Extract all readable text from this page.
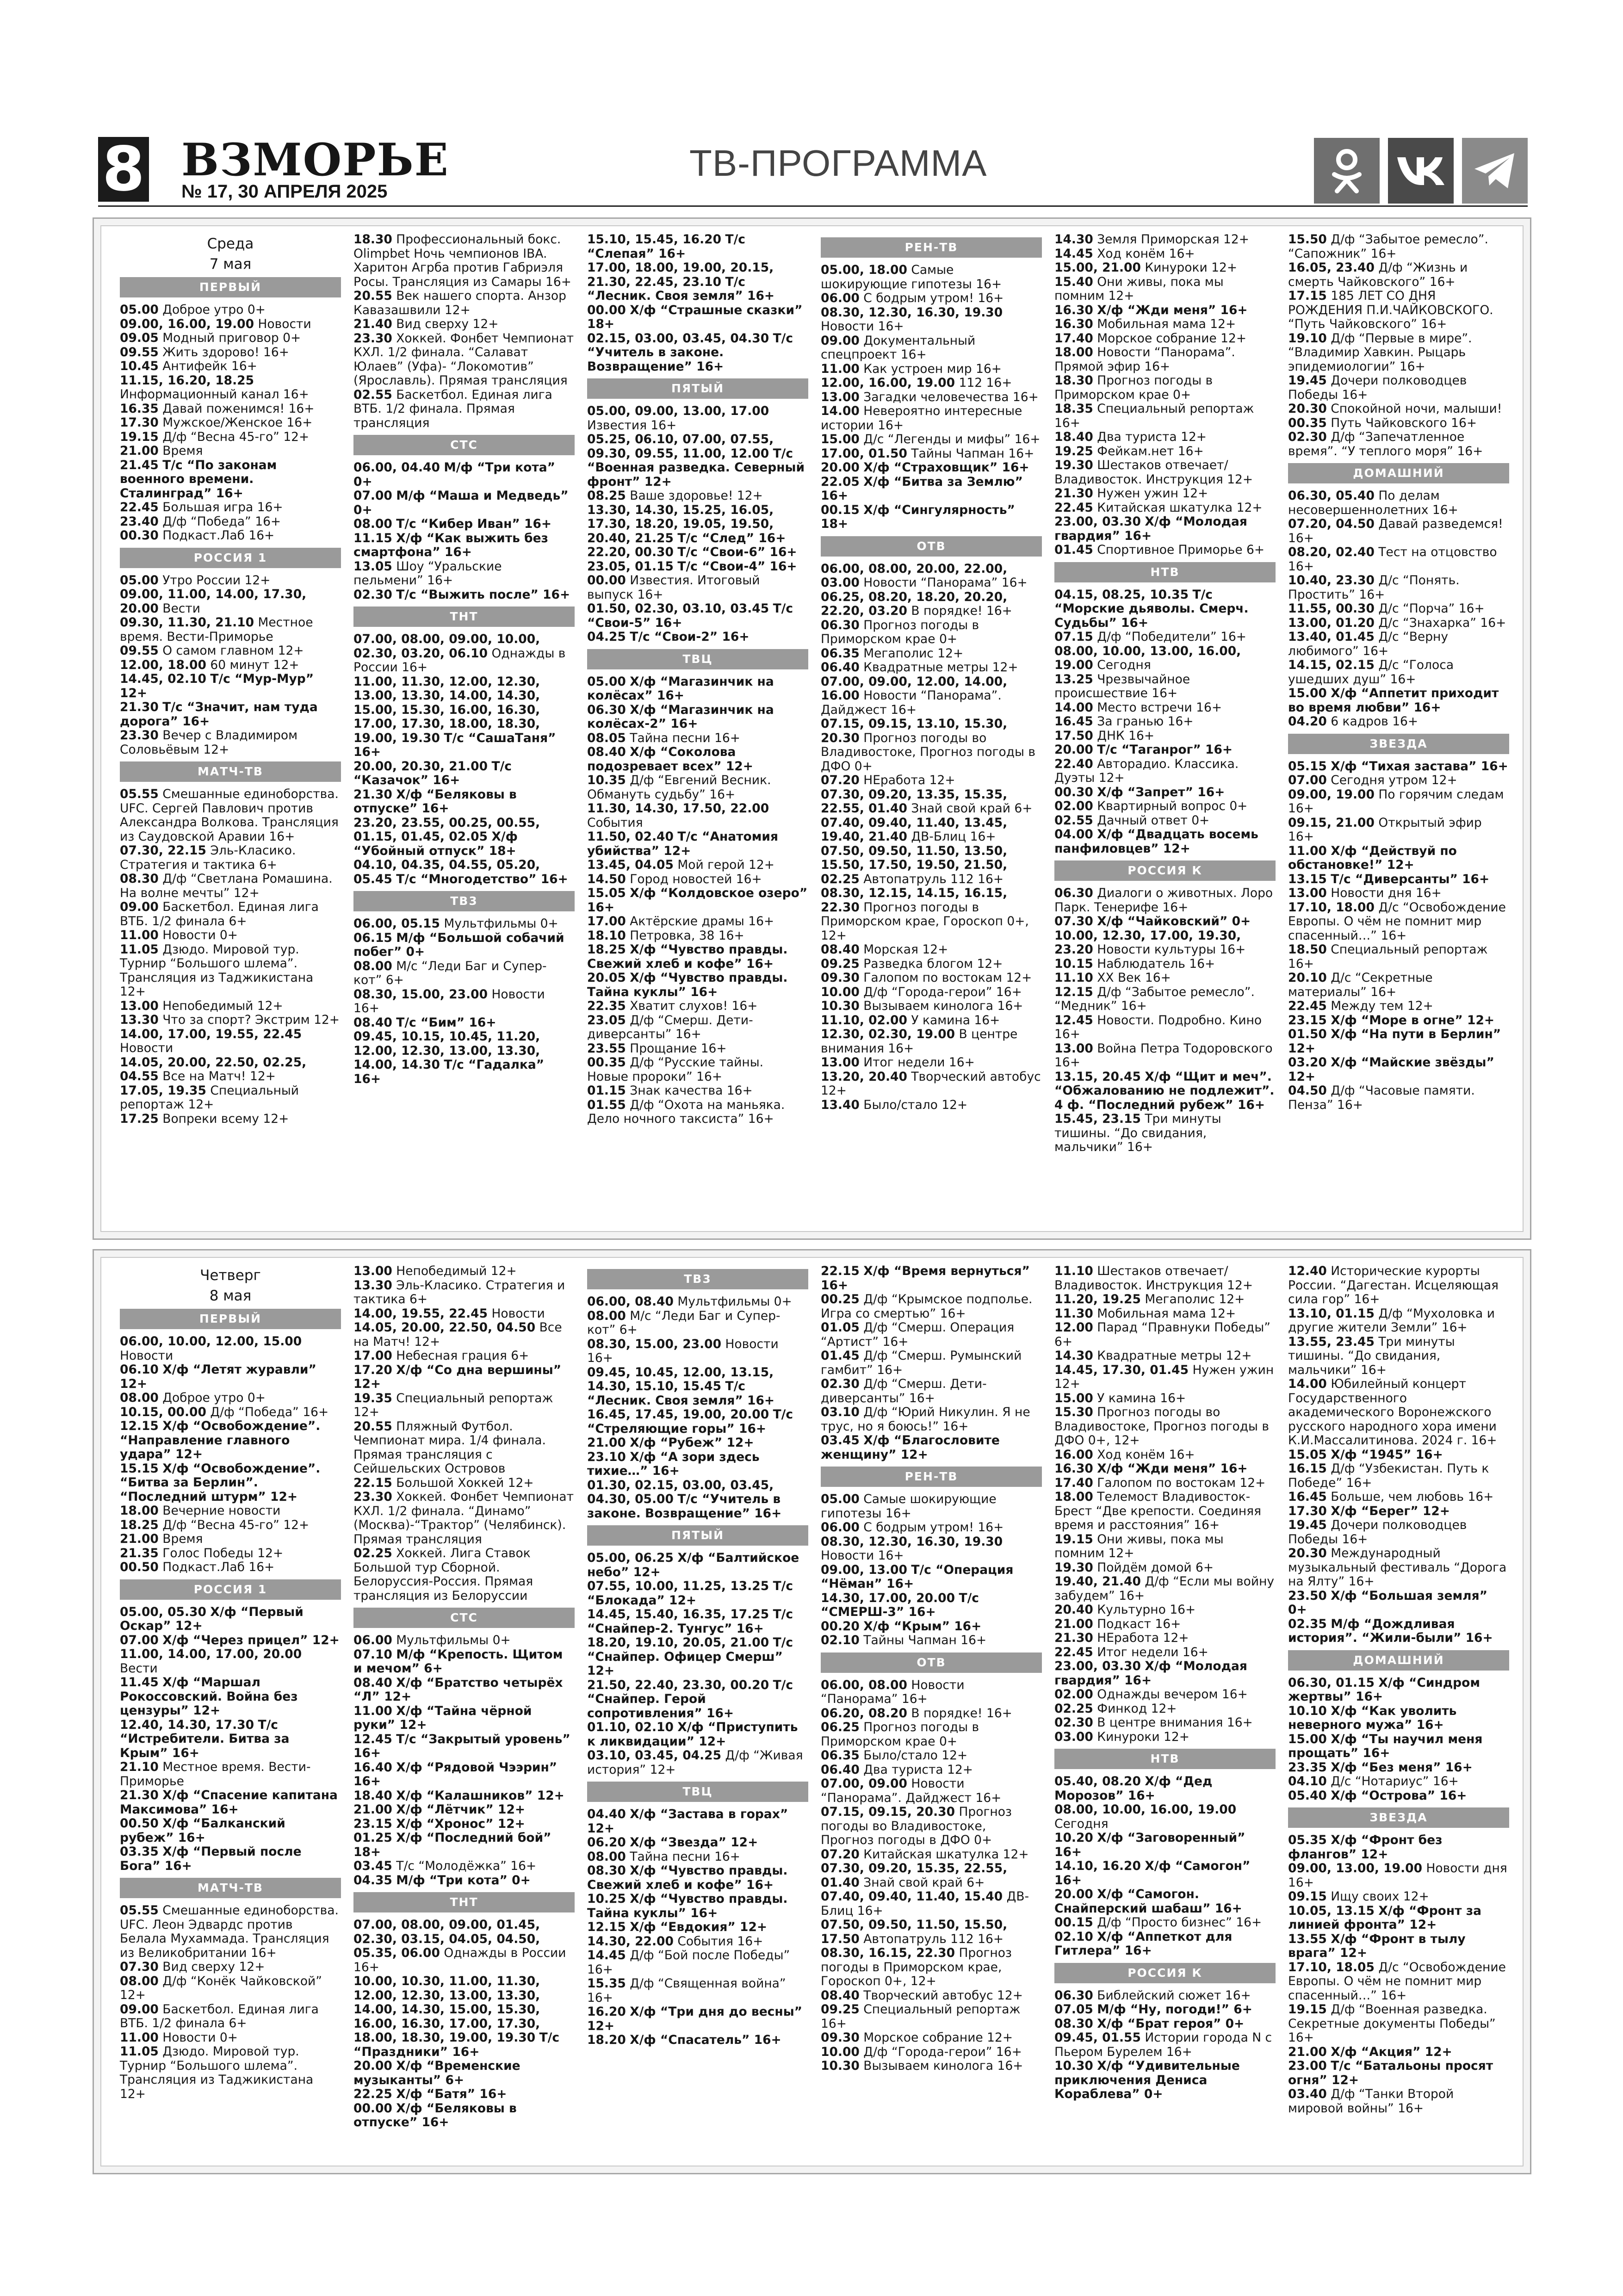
8 ВЗМОРЬЕ
№ 17, 30 АПРЕЛЯ 2025
ТВ-ПРОГРАММА
Среда
7 мая
ПЕРВЫЙ

05.00 Доброе утро 0+

09.00, 16.00, 19.00 Новости

09.05 Модный приговор 0+

09.55 Жить здорово! 16+

10.45 Антифейк 16+

11.15, 16.20, 18.25 Информационный канал 16+

16.35 Давай поженимся! 16+

17.30 Мужское/Женское 16+

19.15 Д/ф “Весна 45-го” 12+

21.00 Время

21.45 Т/с “По законам военного времени. Сталинград” 16+

22.45 Большая игра 16+

23.40 Д/ф “Победа” 16+

00.30 Подкаст.Лаб 16+

РОССИЯ 1

05.00 Утро России 12+

09.00, 11.00, 14.00, 17.30, 20.00 Вести

09.30, 11.30, 21.10 Местное время. Вести-Приморье

09.55 О самом главном 12+

12.00, 18.00 60 минут 12+

14.45, 02.10 Т/с “Мур-Мур” 12+

21.30 Т/с “Значит, нам туда дорога” 16+

23.30 Вечер с Владимиром Соловьёвым 12+

МАТЧ-ТВ

05.55 Смешанные единоборства. UFC. Сергей Павлович против Александра Волкова. Трансляция из Саудовской Аравии 16+

07.30, 22.15 Эль-Класико. Стратегия и тактика 6+

08.30 Д/ф “Светлана Ромашина. На волне мечты” 12+

09.00 Баскетбол. Единая лига ВТБ. 1/2 финала 6+

11.00 Новости 0+

11.05 Дзюдо. Мировой тур. Турнир “Большого шлема”. Трансляция из Таджикистана 12+

13.00 Непобедимый 12+

13.30 Что за спорт? Экстрим 12+

14.00, 17.00, 19.55, 22.45 Новости

14.05, 20.00, 22.50, 02.25, 04.55 Все на Матч! 12+

17.05, 19.35 Специальный репортаж 12+

17.25 Вопреки всему 12+

18.30 Профессиональный бокс. Olimpbet Ночь чемпионов IBA. Харитон Агрба против Габриэля Росы. Трансляция из Самары 16+

20.55 Век нашего спорта. Анзор Кавазашвили 12+

21.40 Вид сверху 12+

23.30 Хоккей. Фонбет Чемпионат КХЛ. 1/2 финала. “Салават Юлаев” (Уфа)- “Локомотив” (Ярославль). Прямая трансляция

02.55 Баскетбол. Единая лига ВТБ. 1/2 финала. Прямая трансляция

СТС

06.00, 04.40 М/ф “Три кота” 0+

07.00 М/ф “Маша и Медведь” 0+

08.00 Т/с “Кибер Иван” 16+

11.15 Х/ф “Как выжить без смартфона” 16+

13.05 Шоу “Уральские пельмени” 16+

02.30 Т/с “Выжить после” 16+

ТНТ

07.00, 08.00, 09.00, 10.00, 02.30, 03.20, 06.10 Однажды в России 16+

11.00, 11.30, 12.00, 12.30, 13.00, 13.30, 14.00, 14.30, 15.00, 15.30, 16.00, 16.30, 17.00, 17.30, 18.00, 18.30, 19.00, 19.30 Т/с “СашаТаня” 16+

20.00, 20.30, 21.00 Т/с “Казачок” 16+

21.30 Х/ф “Беляковы в отпуске” 16+

23.20, 23.55, 00.25, 00.55, 01.15, 01.45, 02.05 Х/ф “Убойный отпуск” 18+

04.10, 04.35, 04.55, 05.20, 05.45 Т/с “Многодетство” 16+

ТВ3

06.00, 05.15 Мультфильмы 0+

06.15 М/ф “Большой собачий побег” 0+

08.00 М/с “Леди Баг и Супер-кот” 6+

08.30, 15.00, 23.00 Новости 16+

08.40 Т/с “Бим” 16+

09.45, 10.15, 10.45, 11.20, 12.00, 12.30, 13.00, 13.30, 14.00, 14.30 Т/с “Гадалка” 16+

15.10, 15.45, 16.20 Т/с “Слепая” 16+

17.00, 18.00, 19.00, 20.15, 21.30, 22.45, 23.10 Т/с “Лесник. Своя земля” 16+

00.00 Х/ф “Страшные сказки” 18+

02.15, 03.00, 03.45, 04.30 Т/с “Учитель в законе. Возвращение” 16+

ПЯТЫЙ

05.00, 09.00, 13.00, 17.00 Известия 16+

05.25, 06.10, 07.00, 07.55, 09.30, 09.55, 11.00, 12.00 Т/с “Военная разведка. Северный фронт” 12+

08.25 Ваше здоровье! 12+

13.30, 14.30, 15.25, 16.05, 17.30, 18.20, 19.05, 19.50, 20.40, 21.25 Т/с “След” 16+

22.20, 00.30 Т/с “Свои-6” 16+

23.05, 01.15 Т/с “Свои-4” 16+

00.00 Известия. Итоговый выпуск 16+

01.50, 02.30, 03.10, 03.45 Т/с “Свои-5” 16+

04.25 Т/с “Свои-2” 16+

ТВЦ

05.00 Х/ф “Магазинчик на колёсах” 16+

06.30 Х/ф “Магазинчик на колёсах-2” 16+

08.05 Тайна песни 16+

08.40 Х/ф “Соколова подозревает всех” 12+

10.35 Д/ф “Евгений Весник. Обмануть судьбу” 16+

11.30, 14.30, 17.50, 22.00 События

11.50, 02.40 Т/с “Анатомия убийства” 12+

13.45, 04.05 Мой герой 12+

14.50 Город новостей 16+

15.05 Х/ф “Колдовское озеро” 16+

17.00 Актёрские драмы 16+

18.10 Петровка, 38 16+

18.25 Х/ф “Чувство правды. Свежий хлеб и кофе” 16+

20.05 Х/ф “Чувство правды. Тайна куклы” 16+

22.35 Хватит слухов! 16+

23.05 Д/ф “Смерш. Дети-диверсанты” 16+

23.55 Прощание 16+

00.35 Д/ф “Русские тайны. Новые пророки” 16+

01.15 Знак качества 16+

01.55 Д/ф “Охота на маньяка. Дело ночного таксиста” 16+

РЕН-ТВ

05.00, 18.00 Самые шокирующие гипотезы 16+

06.00 С бодрым утром! 16+

08.30, 12.30, 16.30, 19.30 Новости 16+

09.00 Документальный спецпроект 16+

11.00 Как устроен мир 16+

12.00, 16.00, 19.00 112 16+

13.00 Загадки человечества 16+

14.00 Невероятно интересные истории 16+

15.00 Д/с “Легенды и мифы” 16+

17.00, 01.50 Тайны Чапман 16+

20.00 Х/ф “Страховщик” 16+

22.05 Х/ф “Битва за Землю” 16+

00.15 Х/ф “Сингулярность” 18+

ОТВ

06.00, 08.00, 20.00, 22.00, 03.00 Новости “Панорама” 16+

06.25, 08.20, 18.20, 20.20, 22.20, 03.20 В порядке! 16+

06.30 Прогноз погоды в Приморском крае 0+

06.35 Мегаполис 12+

06.40 Квадратные метры 12+

07.00, 09.00, 12.00, 14.00, 16.00 Новости “Панорама”. Дайджест 16+

07.15, 09.15, 13.10, 15.30, 20.30 Прогноз погоды во Владивостоке, Прогноз погоды в ДФО 0+

07.20 НЕработа 12+

07.30, 09.20, 13.35, 15.35, 22.55, 01.40 Знай свой край 6+

07.40, 09.40, 11.40, 13.45, 19.40, 21.40 ДВ-Блиц 16+

07.50, 09.50, 11.50, 13.50, 15.50, 17.50, 19.50, 21.50, 02.25 Автопатруль 112 16+

08.30, 12.15, 14.15, 16.15, 22.30 Прогноз погоды в Приморском крае, Гороскоп 0+, 12+

08.40 Морская 12+

09.25 Разведка блогом 12+

09.30 Галопом по востокам 12+

10.00 Д/ф “Города-герои” 16+

10.30 Вызываем кинолога 16+

11.10, 02.00 У камина 16+

12.30, 02.30, 19.00 В центре внимания 16+

13.00 Итог недели 16+

13.20, 20.40 Творческий автобус 12+

13.40 Было/стало 12+

14.30 Земля Приморская 12+

14.45 Ход конём 16+

15.00, 21.00 Кинуроки 12+

15.40 Они живы, пока мы помним 12+

16.30 Х/ф “Жди меня” 16+

16.30 Мобильная мама 12+

17.40 Морское собрание 12+

18.00 Новости “Панорама”. Прямой эфир 16+

18.30 Прогноз погоды в Приморском крае 0+

18.35 Специальный репортаж 16+

18.40 Два туриста 12+

19.25 Фейкам.нет 16+

19.30 Шестаков отвечает/ Владивосток. Инструкция 12+

21.30 Нужен ужин 12+

22.45 Китайская шкатулка 12+

23.00, 03.30 Х/ф “Молодая гвардия” 16+

01.45 Спортивное Приморье 6+

НТВ

04.15, 08.25, 10.35 Т/с “Морские дьяволы. Смерч. Судьбы” 16+

07.15 Д/ф “Победители” 16+

08.00, 10.00, 13.00, 16.00, 19.00 Сегодня

13.25 Чрезвычайное происшествие 16+

14.00 Место встречи 16+

16.45 За гранью 16+

17.50 ДНК 16+

20.00 Т/с “Таганрог” 16+

22.40 Авторадио. Классика. Дуэты 12+

00.30 Х/ф “Запрет” 16+

02.00 Квартирный вопрос 0+

02.55 Дачный ответ 0+

04.00 Х/ф “Двадцать восемь панфиловцев” 12+

РОССИЯ К

06.30 Диалоги о животных. Лоро Парк. Тенерифе 16+

07.30 Х/ф “Чайковский” 0+

10.00, 12.30, 17.00, 19.30, 23.20 Новости культуры 16+

10.15 Наблюдатель 16+

11.10 ХХ Век 16+

12.15 Д/ф “Забытое ремесло”. “Медник” 16+

12.45 Новости. Подробно. Кино 16+

13.00 Война Петра Тодоровского 16+

13.15, 20.45 Х/ф “Щит и меч”. “Обжалованию не подлежит”. 4 ф. “Последний рубеж” 16+

15.45, 23.15 Три минуты тишины. “До свидания, мальчики” 16+

15.50 Д/ф “Забытое ремесло”. “Сапожник” 16+

16.05, 23.40 Д/ф “Жизнь и смерть Чайковского” 16+

17.15 185 ЛЕТ СО ДНЯ РОЖДЕНИЯ П.И.ЧАЙКОВСКОГО. “Путь Чайковского” 16+

19.10 Д/ф “Первые в мире”. “Владимир Хавкин. Рыцарь эпидемиологии” 16+

19.45 Дочери полководцев Победы 16+

20.30 Спокойной ночи, малыши!

00.35 Путь Чайковского 16+

02.30 Д/ф “Запечатленное время”. “У теплого моря” 16+

ДОМАШНИЙ

06.30, 05.40 По делам несовершеннолетних 16+

07.20, 04.50 Давай разведемся! 16+

08.20, 02.40 Тест на отцовство 16+

10.40, 23.30 Д/с “Понять. Простить” 16+

11.55, 00.30 Д/с “Порча” 16+

13.00, 01.20 Д/с “Знахарка” 16+

13.40, 01.45 Д/с “Верну любимого” 16+

14.15, 02.15 Д/с “Голоса ушедших душ” 16+

15.00 Х/ф “Аппетит приходит во время любви” 16+

04.20 6 кадров 16+

ЗВЕЗДА

05.15 Х/ф “Тихая застава” 16+

07.00 Сегодня утром 12+

09.00, 19.00 По горячим следам 16+

09.15, 21.00 Открытый эфир 16+

11.00 Х/ф “Действуй по обстановке!” 12+

13.15 Т/с “Диверсанты” 16+

13.00 Новости дня 16+

17.10, 18.00 Д/с “Освобождение Европы. О чём не помнит мир спасенный…” 16+

18.50 Специальный репортаж 16+

20.10 Д/с “Секретные материалы” 16+

22.45 Между тем 12+

23.15 Х/ф “Море в огне” 12+

01.50 Х/ф “На пути в Берлин” 12+

03.20 Х/ф “Майские звёзды” 12+

04.50 Д/ф “Часовые памяти. Пенза” 16+

Четверг
8 мая
ПЕРВЫЙ

06.00, 10.00, 12.00, 15.00 Новости

06.10 Х/ф “Летят журавли” 12+

08.00 Доброе утро 0+

10.15, 00.00 Д/ф “Победа” 16+

12.15 Х/ф “Освобождение”. “Направление главного удара” 12+

15.15 Х/ф “Освобождение”. “Битва за Берлин”. “Последний штурм” 12+

18.00 Вечерние новости

18.25 Д/ф “Весна 45-го” 12+

21.00 Время

21.35 Голос Победы 12+

00.50 Подкаст.Лаб 16+

РОССИЯ 1

05.00, 05.30 Х/ф “Первый Оскар” 12+

07.00 Х/ф “Через прицел” 12+

11.00, 14.00, 17.00, 20.00 Вести

11.45 Х/ф “Маршал Рокоссовский. Война без цензуры” 12+

12.40, 14.30, 17.30 Т/с “Истребители. Битва за Крым” 16+

21.10 Местное время. Вести-Приморье

21.30 Х/ф “Спасение капитана Максимова” 16+

00.50 Х/ф “Балканский рубеж” 16+

03.35 Х/ф “Первый после Бога” 16+

МАТЧ-ТВ

05.55 Смешанные единоборства. UFC. Леон Эдвардс против Белала Мухаммада. Трансляция из Великобритании 16+

07.30 Вид сверху 12+

08.00 Д/ф “Конёк Чайковской” 12+

09.00 Баскетбол. Единая лига ВТБ. 1/2 финала 6+

11.00 Новости 0+

11.05 Дзюдо. Мировой тур. Турнир “Большого шлема”. Трансляция из Таджикистана 12+

13.00 Непобедимый 12+

13.30 Эль-Класико. Стратегия и тактика 6+

14.00, 19.55, 22.45 Новости

14.05, 20.00, 22.50, 04.50 Все на Матч! 12+

17.00 Небесная грация 6+

17.20 Х/ф “Со дна вершины” 12+

19.35 Специальный репортаж 12+

20.55 Пляжный Футбол. Чемпионат мира. 1/4 финала. Прямая трансляция с Сейшельских Островов

22.15 Большой Хоккей 12+

23.30 Хоккей. Фонбет Чемпионат КХЛ. 1/2 финала. “Динамо” (Москва)-“Трактор” (Челябинск). Прямая трансляция

02.25 Хоккей. Лига Ставок Большой тур Сборной. Белоруссия-Россия. Прямая трансляция из Белоруссии

СТС

06.00 Мультфильмы 0+

07.10 М/ф “Крепость. Щитом и мечом” 6+

08.40 Х/ф “Братство четырёх “Л” 12+

11.00 Х/ф “Тайна чёрной руки” 12+

12.45 Т/с “Закрытый уровень” 16+

16.40 Х/ф “Рядовой Чээрин” 16+

18.40 Х/ф “Калашников” 12+

21.00 Х/ф “Лётчик” 12+

23.15 Х/ф “Хронос” 12+

01.25 Х/ф “Последний бой” 18+

03.45 Т/с “Молодёжка” 16+

04.35 М/ф “Три кота” 0+

ТНТ

07.00, 08.00, 09.00, 01.45, 02.30, 03.15, 04.05, 04.50, 05.35, 06.00 Однажды в России 16+

10.00, 10.30, 11.00, 11.30, 12.00, 12.30, 13.00, 13.30, 14.00, 14.30, 15.00, 15.30, 16.00, 16.30, 17.00, 17.30, 18.00, 18.30, 19.00, 19.30 Т/с “Праздники” 16+

20.00 Х/ф “Временские музыканты” 6+

22.25 Х/ф “Батя” 16+

00.00 Х/ф “Беляковы в отпуске” 16+

ТВ3

06.00, 08.40 Мультфильмы 0+

08.00 М/с “Леди Баг и Супер-кот” 6+

08.30, 15.00, 23.00 Новости 16+

09.45, 10.45, 12.00, 13.15, 14.30, 15.10, 15.45 Т/с “Лесник. Своя земля” 16+

16.45, 17.45, 19.00, 20.00 Т/с “Стреляющие горы” 16+

21.00 Х/ф “Рубеж” 12+

23.10 Х/ф “А зори здесь тихие…” 16+

01.30, 02.15, 03.00, 03.45, 04.30, 05.00 Т/с “Учитель в законе. Возвращение” 16+

ПЯТЫЙ

05.00, 06.25 Х/ф “Балтийское небо” 12+

07.55, 10.00, 11.25, 13.25 Т/с “Блокада” 12+

14.45, 15.40, 16.35, 17.25 Т/с “Снайпер-2. Тунгус” 16+

18.20, 19.10, 20.05, 21.00 Т/с “Снайпер. Офицер Смерш” 12+

21.50, 22.40, 23.30, 00.20 Т/с “Снайпер. Герой сопротивления” 16+

01.10, 02.10 Х/ф “Приступить к ликвидации” 12+

03.10, 03.45, 04.25 Д/ф “Живая история” 12+

ТВЦ

04.40 Х/ф “Застава в горах” 12+

06.20 Х/ф “Звезда” 12+

08.00 Тайна песни 16+

08.30 Х/ф “Чувство правды. Свежий хлеб и кофе” 16+

10.25 Х/ф “Чувство правды. Тайна куклы” 16+

12.15 Х/ф “Евдокия” 12+

14.30, 22.00 События 16+

14.45 Д/ф “Бой после Победы” 16+

15.35 Д/ф “Священная война” 16+

16.20 Х/ф “Три дня до весны” 12+

18.20 Х/ф “Спасатель” 16+

22.15 Х/ф “Время вернуться” 16+

00.25 Д/ф “Крымское подполье. Игра со смертью” 16+

01.05 Д/ф “Смерш. Операция “Артист” 16+

01.45 Д/ф “Смерш. Румынский гамбит” 16+

02.30 Д/ф “Смерш. Дети-диверсанты” 16+

03.10 Д/ф “Юрий Никулин. Я не трус, но я боюсь!” 16+

03.45 Х/ф “Благословите женщину” 12+

РЕН-ТВ

05.00 Самые шокирующие гипотезы 16+

06.00 С бодрым утром! 16+

08.30, 12.30, 16.30, 19.30 Новости 16+

09.00, 13.00 Т/с “Операция “Нёман” 16+

14.30, 17.00, 20.00 Т/с “СМЕРШ-3” 16+

00.20 Х/ф “Крым” 16+

02.10 Тайны Чапман 16+

ОТВ

06.00, 08.00 Новости “Панорама” 16+

06.20, 08.20 В порядке! 16+

06.25 Прогноз погоды в Приморском крае 0+

06.35 Было/стало 12+

06.40 Два туриста 12+

07.00, 09.00 Новости “Панорама”. Дайджест 16+

07.15, 09.15, 20.30 Прогноз погоды во Владивостоке, Прогноз погоды в ДФО 0+

07.20 Китайская шкатулка 12+

07.30, 09.20, 15.35, 22.55, 01.40 Знай свой край 6+

07.40, 09.40, 11.40, 15.40 ДВ-Блиц 16+

07.50, 09.50, 11.50, 15.50, 17.50 Автопатруль 112 16+

08.30, 16.15, 22.30 Прогноз погоды в Приморском крае, Гороскоп 0+, 12+

08.40 Творческий автобус 12+

09.25 Специальный репортаж 16+

09.30 Морское собрание 12+

10.00 Д/ф “Города-герои” 16+

10.30 Вызываем кинолога 16+

11.10 Шестаков отвечает/ Владивосток. Инструкция 12+

11.20, 19.25 Мегаполис 12+

11.30 Мобильная мама 12+

12.00 Парад “Правнуки Победы” 6+

14.30 Квадратные метры 12+

14.45, 17.30, 01.45 Нужен ужин 12+

15.00 У камина 16+

15.30 Прогноз погоды во Владивостоке, Прогноз погоды в ДФО 0+, 12+

16.00 Ход конём 16+

16.30 Х/ф “Жди меня” 16+

17.40 Галопом по востокам 12+

18.00 Телемост Владивосток-Брест “Две крепости. Соединяя время и расстояния” 16+

19.15 Они живы, пока мы помним 12+

19.30 Пойдём домой 6+

19.40, 21.40 Д/ф “Если мы войну забудем” 16+

20.40 Культурно 16+

21.00 Подкаст 16+

21.30 НЕработа 12+

22.45 Итог недели 16+

23.00, 03.30 Х/ф “Молодая гвардия” 16+

02.00 Однажды вечером 16+

02.25 Финкод 12+

02.30 В центре внимания 16+

03.00 Кинуроки 12+

НТВ

05.40, 08.20 Х/ф “Дед Морозов” 16+

08.00, 10.00, 16.00, 19.00 Сегодня

10.20 Х/ф “Заговоренный” 16+

14.10, 16.20 Х/ф “Самогон” 16+

20.00 Х/ф “Самогон. Снайперский шабаш” 16+

00.15 Д/ф “Просто бизнес” 16+

02.10 Х/ф “Аппеткот для Гитлера” 16+

РОССИЯ К

06.30 Библейский сюжет 16+

07.05 М/ф “Ну, погоди!” 6+

08.30 Х/ф “Брат героя” 0+

09.45, 01.55 Истории города N с Пьером Бурелем 16+

10.30 Х/ф “Удивительные приключения Дениса Кораблева” 0+

12.40 Исторические курорты России. “Дагестан. Исцеляющая сила гор” 16+

13.10, 01.15 Д/ф “Мухоловка и другие жители Земли” 16+

13.55, 23.45 Три минуты тишины. “До свидания, мальчики” 16+

14.00 Юбилейный концерт Государственного академического Воронежского русского народного хора имени К.И.Массалитинова. 2024 г. 16+

15.05 Х/ф “1945” 16+

16.15 Д/ф “Узбекистан. Путь к Победе” 16+

16.45 Больше, чем любовь 16+

17.30 Х/ф “Берег” 12+

19.45 Дочери полководцев Победы 16+

20.30 Международный музыкальный фестиваль “Дорога на Ялту” 16+

23.50 Х/ф “Большая земля” 0+

02.35 М/ф “Дождливая история”. “Жили-были” 16+

ДОМАШНИЙ

06.30, 01.15 Х/ф “Синдром жертвы” 16+

10.10 Х/ф “Как уволить неверного мужа” 16+

15.00 Х/ф “Ты научил меня прощать” 16+

23.35 Х/ф “Без меня” 16+

04.10 Д/с “Нотариус” 16+

05.40 Х/ф “Острова” 16+

ЗВЕЗДА

05.35 Х/ф “Фронт без флангов” 12+

09.00, 13.00, 19.00 Новости дня 16+

09.15 Ищу своих 12+

10.05, 13.15 Х/ф “Фронт за линией фронта” 12+

13.55 Х/ф “Фронт в тылу врага” 12+

17.10, 18.05 Д/с “Освобождение Европы. О чём не помнит мир спасенный…” 16+

19.15 Д/ф “Военная разведка. Секретные документы Победы” 16+

21.00 Х/ф “Акция” 12+

23.00 Т/с “Батальоны просят огня” 12+

03.40 Д/ф “Танки Второй мировой войны” 16+
